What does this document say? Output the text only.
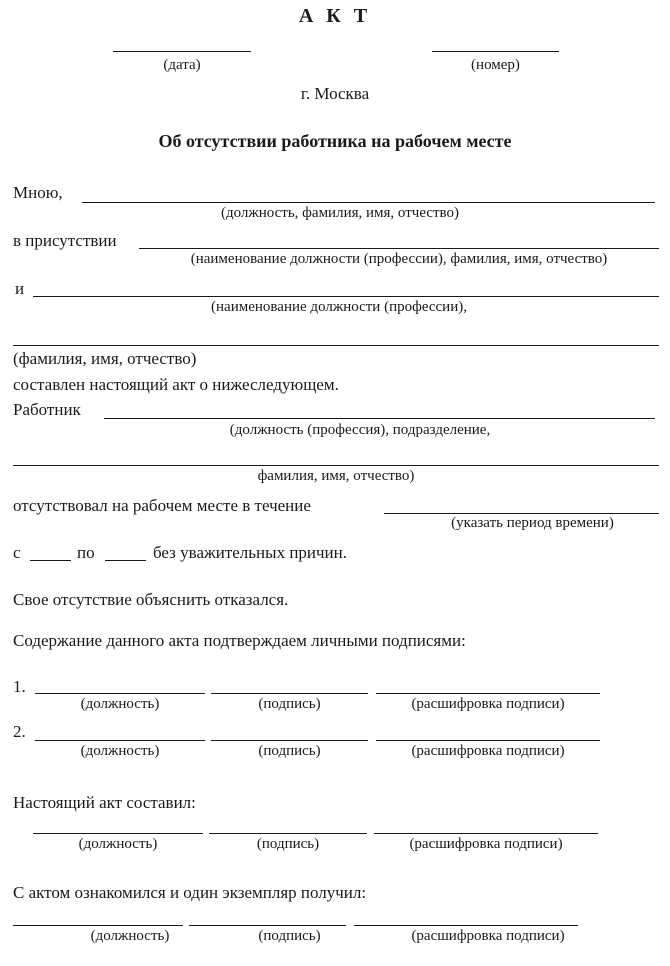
А К Т
(дата)	(номер)
г. Москва
Об отсутствии работника на рабочем месте
Мною,
(должность, фамилия, имя, отчество)
в присутствии
(наименование должности (профессии), фамилия, имя, отчество)
и
(наименование должности (профессии),
(фамилия, имя, отчество)
составлен настоящий акт о нижеследующем.
Работник
(должность (профессия), подразделение,
фамилия, имя, отчество)
отсутствовал на рабочем месте в течение
(указать период времени)
с	по	без уважительных причин.
Свое отсутствие объяснить отказался.
Содержание данного акта подтверждаем личными подписями:
1.
(должность)	(подпись)	(расшифровка подписи)
2.
(должность)	(подпись)	(расшифровка подписи)
Настоящий акт составил:
(должность)	(подпись)	(расшифровка подписи)
С актом ознакомился и один экземпляр получил:
(должность)	(подпись)	(расшифровка подписи)
